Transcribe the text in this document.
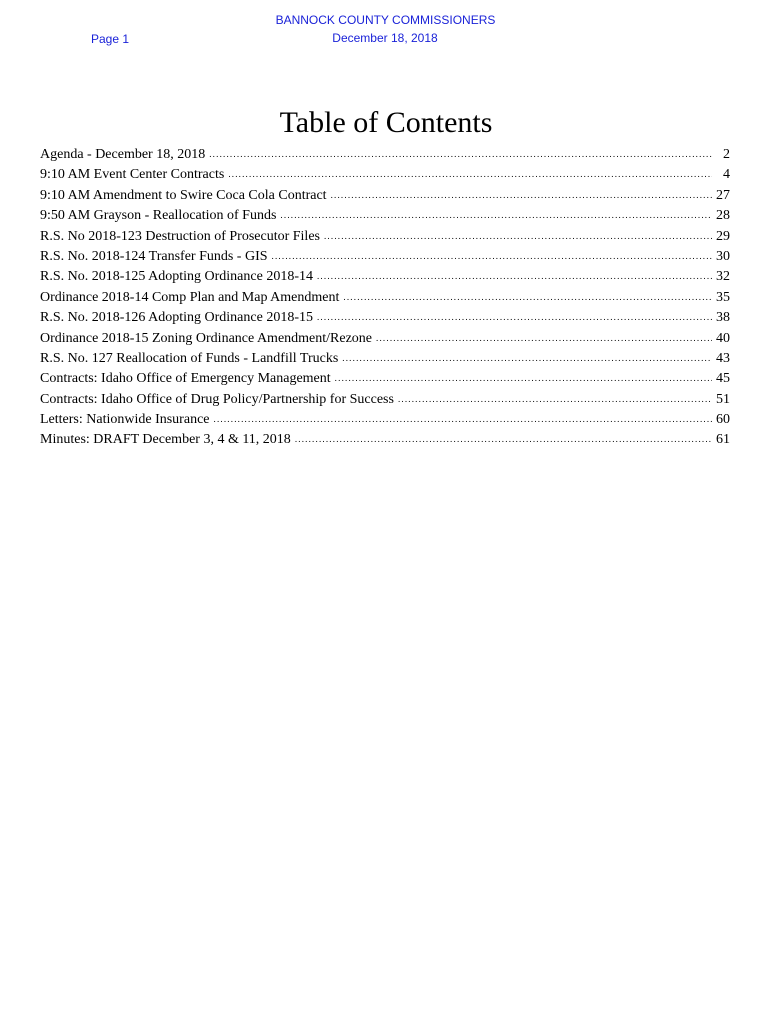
BANNOCK COUNTY COMMISSIONERS
Page 1	December 18, 2018
Table of Contents
Agenda - December 18, 2018 .....	2
9:10 AM Event Center Contracts .....	4
9:10 AM Amendment to Swire Coca Cola Contract .....	27
9:50 AM Grayson - Reallocation of Funds .....	28
R.S. No 2018-123 Destruction of Prosecutor Files .....	29
R.S. No. 2018-124 Transfer Funds - GIS .....	30
R.S. No. 2018-125 Adopting Ordinance 2018-14 .....	32
Ordinance 2018-14 Comp Plan and Map Amendment .....	35
R.S. No. 2018-126 Adopting Ordinance 2018-15 .....	38
Ordinance 2018-15 Zoning Ordinance Amendment/Rezone .....	40
R.S. No. 127 Reallocation of Funds - Landfill Trucks .....	43
Contracts: Idaho Office of Emergency Management .....	45
Contracts: Idaho Office of Drug Policy/Partnership for Success .....	51
Letters: Nationwide Insurance .....	60
Minutes: DRAFT December 3, 4 & 11, 2018 .....	61
